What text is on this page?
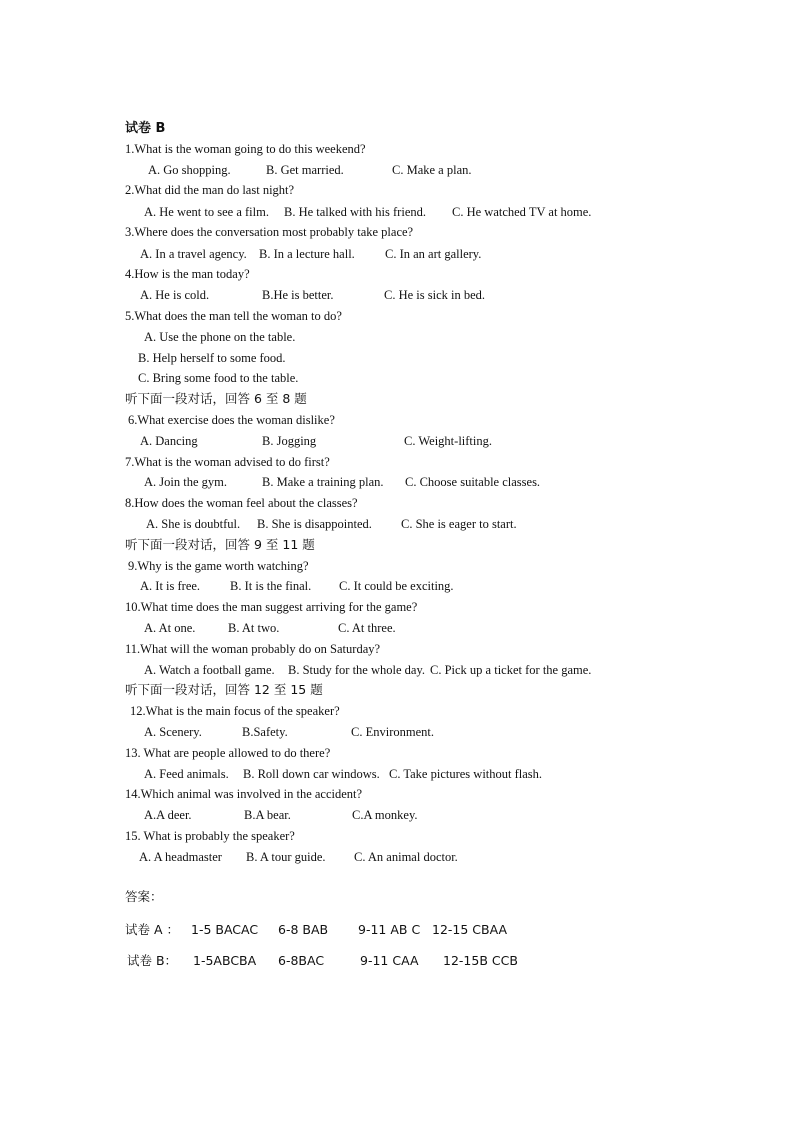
试卷 B
1.What is the woman going to do this weekend?
A. Go shopping.	B. Get married.	C. Make a plan.
2.What did the man do last night?
A. He went to see a film. B. He talked with his friend. C. He watched TV at home.
3.Where does the conversation most probably take place?
A. In a travel agency. B. In a lecture hall. C. In an art gallery.
4.How is the man today?
A. He is cold.	B.He is better.	C. He is sick in bed.
5.What does the man tell the woman to do?
A. Use the phone on the table.
B. Help herself to some food.
C. Bring some food to the table.
听下面一段对话，回答 6 至 8 题
6.What exercise does the woman dislike?
A. Dancing	B. Jogging	C. Weight-lifting.
7.What is the woman advised to do first?
A. Join the gym.	B. Make a training plan. C. Choose suitable classes.
8.How does the woman feel about the classes?
A. She is doubtful. B. She is disappointed. C. She is eager to start.
听下面一段对话，回答 9 至 11 题
9.Why is the game worth watching?
A. It is free. B. It is the final. C. It could be exciting.
10.What time does the man suggest arriving for the game?
A. At one.	B. At two.	C. At three.
11.What will the woman probably do on Saturday?
A. Watch a football game. B. Study for the whole day. C. Pick up a ticket for the game.
听下面一段对话，回答 12 至 15 题
12.What is the main focus of the speaker?
A. Scenery.	B.Safety.	C. Environment.
13. What are people allowed to do there?
A. Feed animals. B. Roll down car windows. C. Take pictures without flash.
14.Which animal was involved in the accident?
A.A deer.	B.A bear.	C.A monkey.
15. What is probably the speaker?
A. A headmaster B. A tour guide. C. An animal doctor.
答案：
试卷 A ： 1-5 BACAC 6-8 BAB 9-11 AB C 12-15 CBAA
试卷 B： 1-5ABCBA 6-8BAC	9-11 CAA 12-15B CCB
